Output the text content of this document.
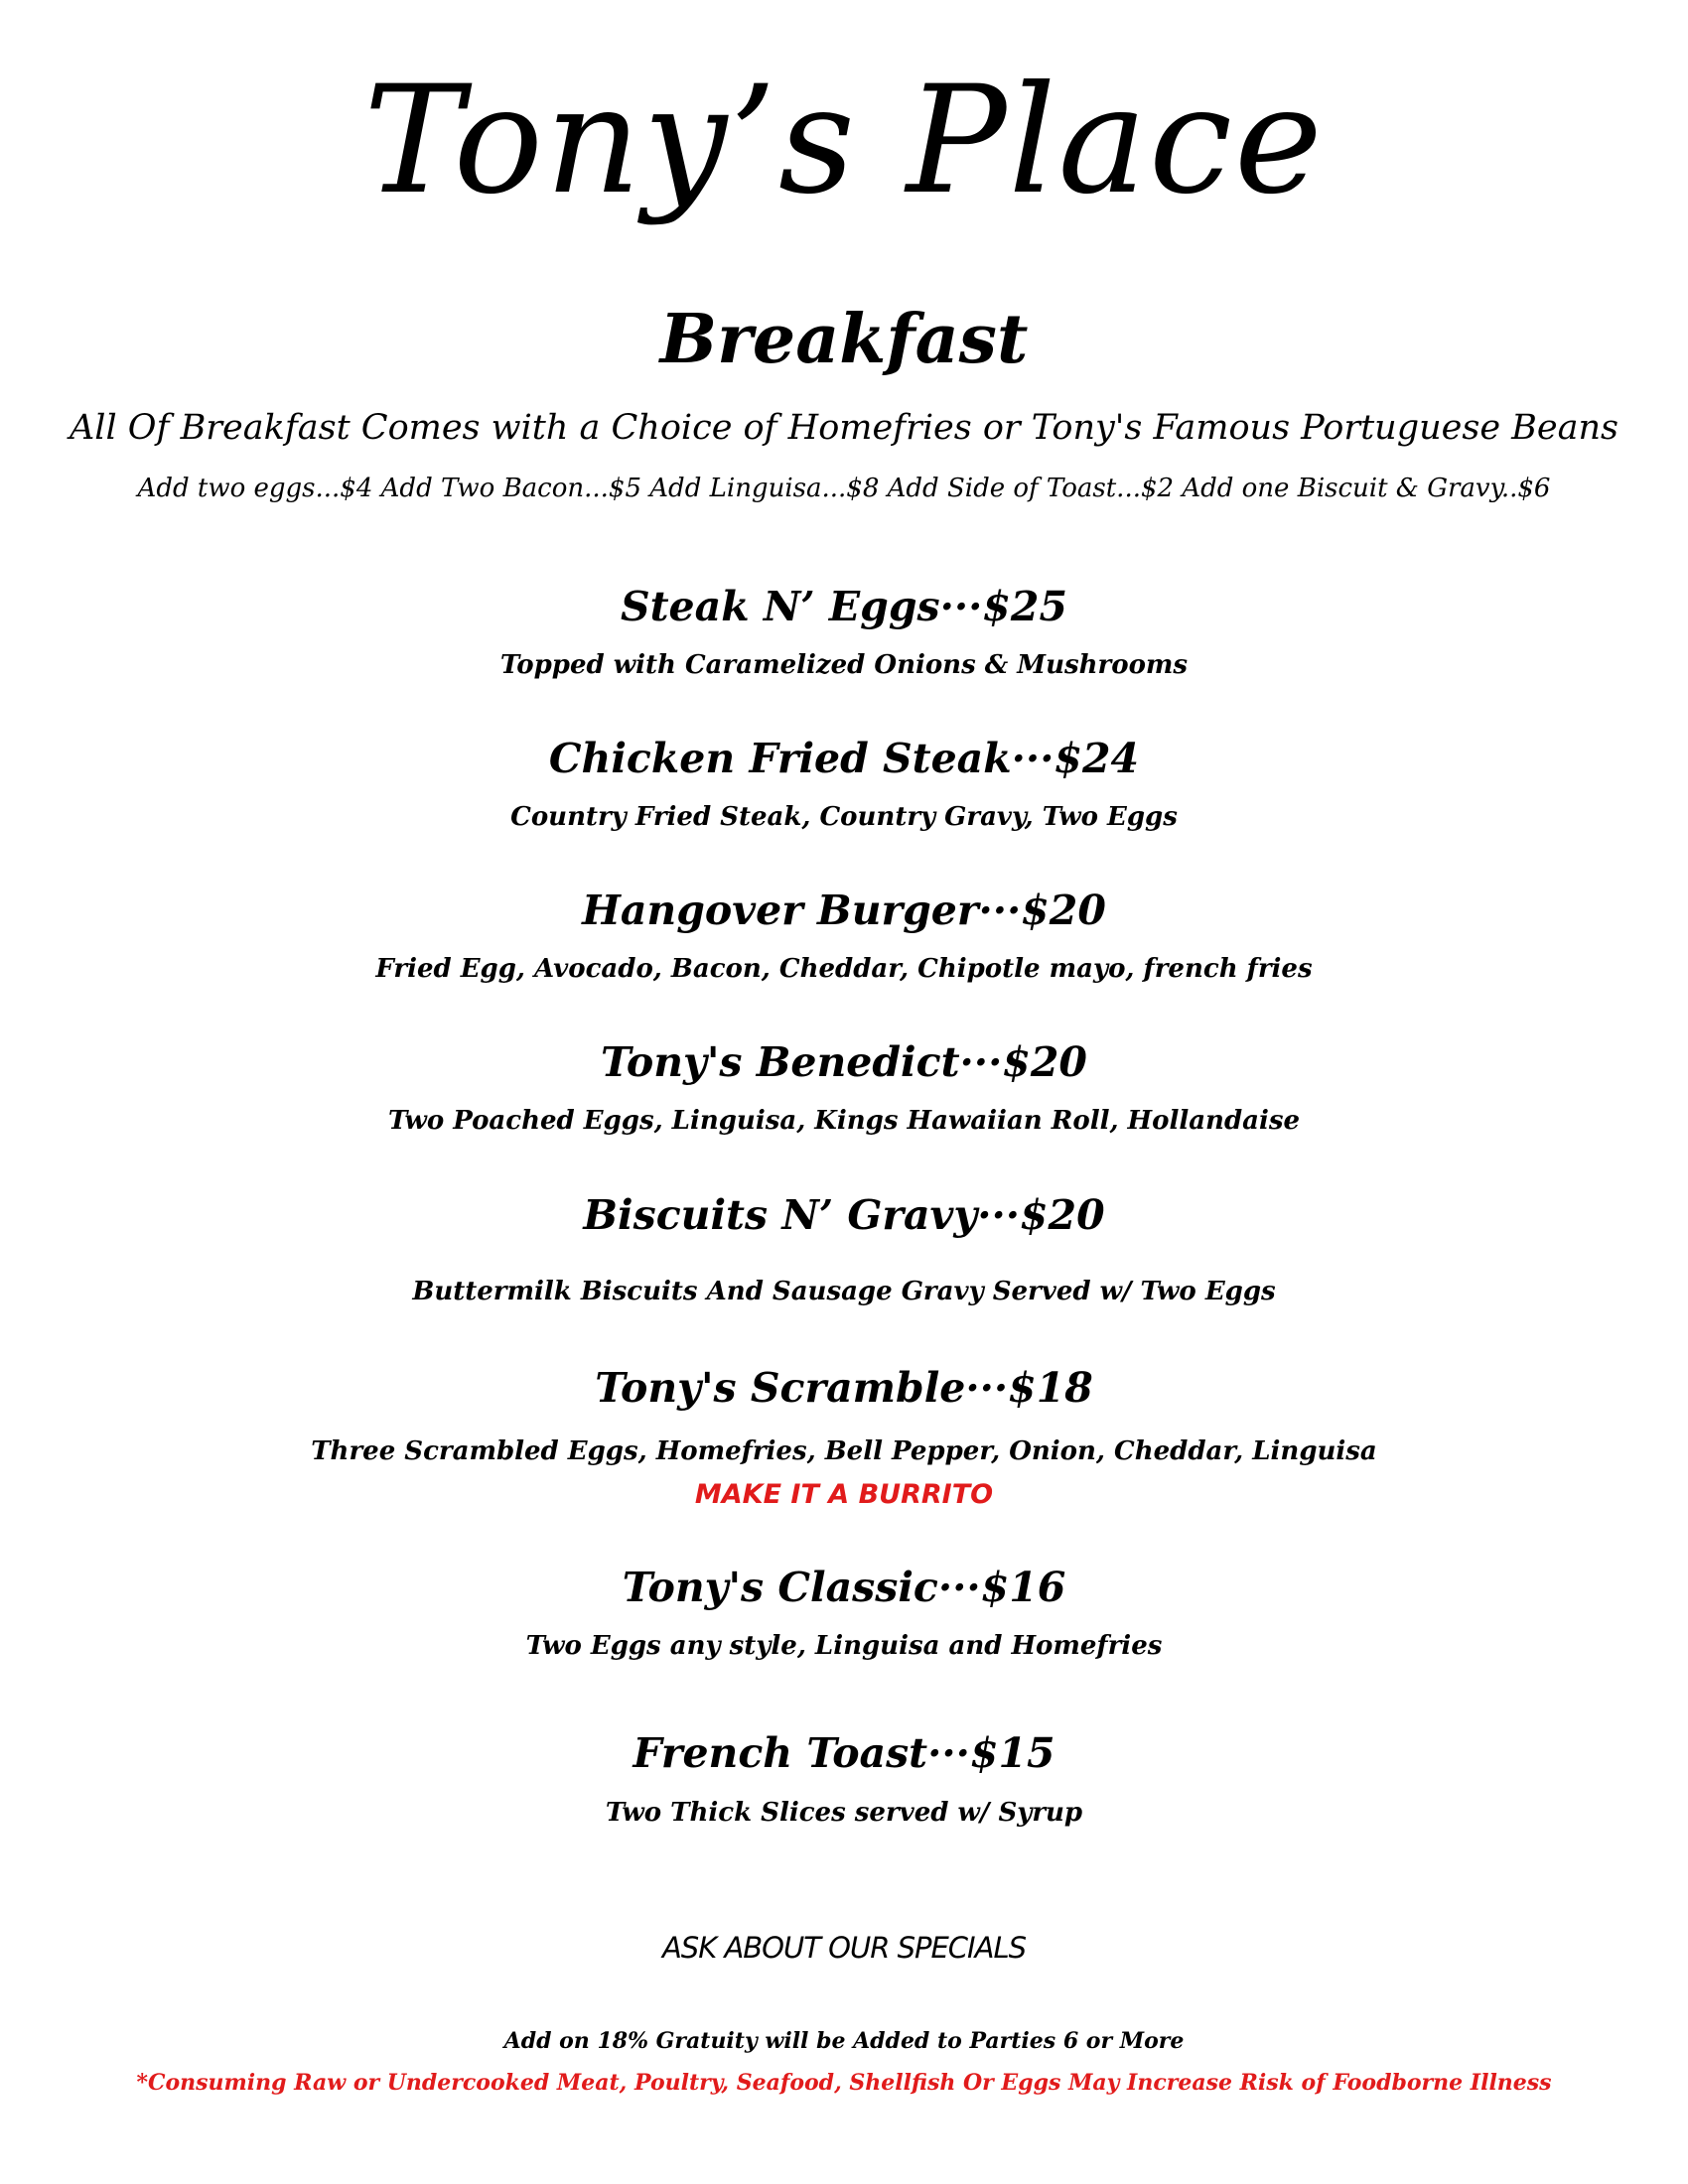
Tony’s Place
Breakfast
All Of Breakfast Comes with a Choice of Homefries or Tony's Famous Portuguese Beans
Add two eggs...$4 Add Two Bacon...$5 Add Linguisa...$8 Add Side of Toast...$2 Add one Biscuit & Gravy..$6
Steak N’ Eggs···$25
Topped with Caramelized Onions & Mushrooms
Chicken Fried Steak···$24
Country Fried Steak, Country Gravy, Two Eggs
Hangover Burger···$20
Fried Egg, Avocado, Bacon, Cheddar, Chipotle mayo, french fries
Tony's Benedict···$20
Two Poached Eggs, Linguisa, Kings Hawaiian Roll, Hollandaise
Biscuits N’ Gravy···$20
Buttermilk Biscuits And Sausage Gravy Served w/ Two Eggs
Tony's Scramble···$18
Three Scrambled Eggs, Homefries, Bell Pepper, Onion, Cheddar, Linguisa
MAKE IT A BURRITO
Tony's Classic···$16
Two Eggs any style, Linguisa and Homefries
French Toast···$15
Two Thick Slices served w/ Syrup
ASK ABOUT OUR SPECIALS
Add on 18% Gratuity will be Added to Parties 6 or More
*Consuming Raw or Undercooked Meat, Poultry, Seafood, Shellfish Or Eggs May Increase Risk of Foodborne Illness
